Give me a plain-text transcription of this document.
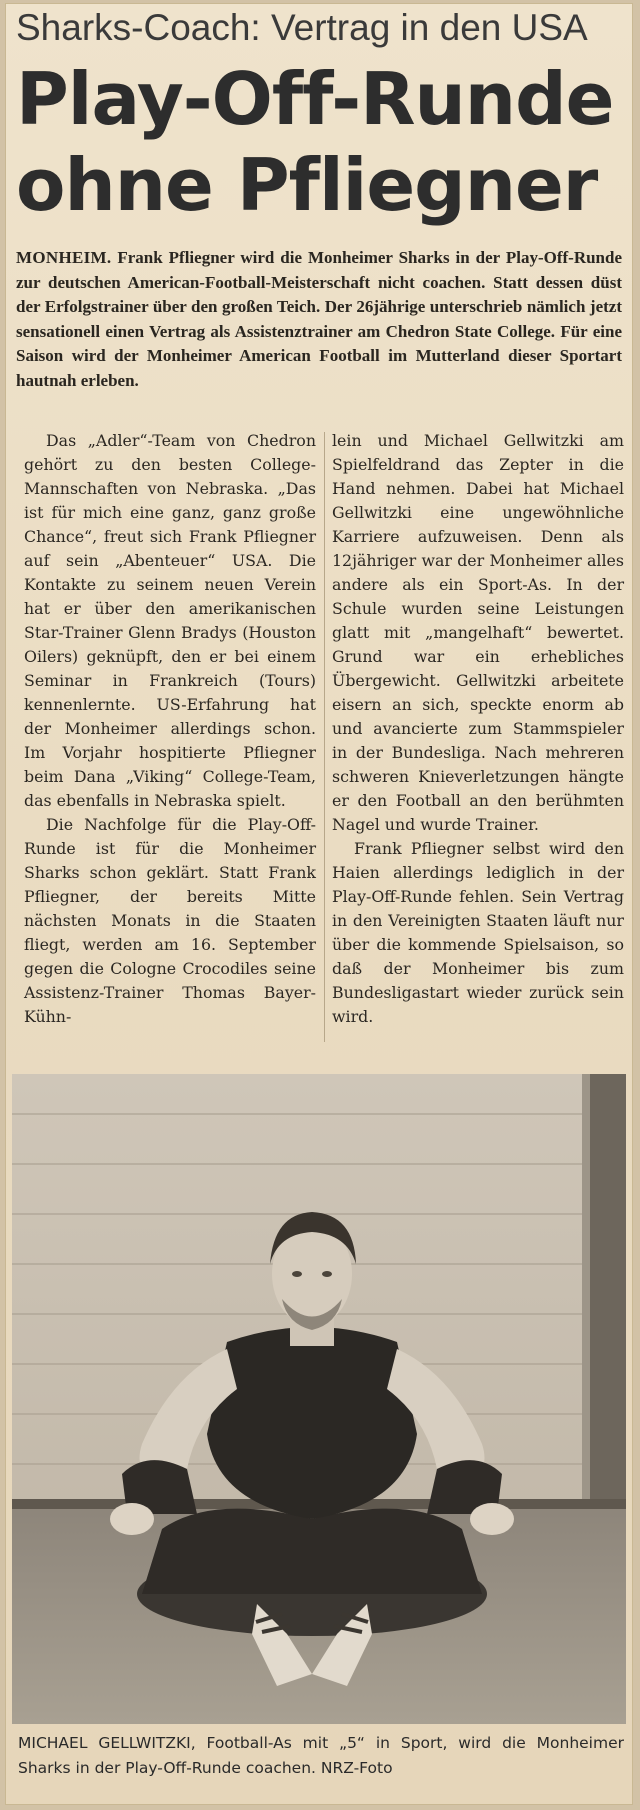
Sharks-Coach: Vertrag in den USA
Play-Off-Runde
ohne Pfliegner
MONHEIM. Frank Pfliegner wird die Monheimer Sharks in der Play-Off-Runde zur deutschen American-Football-Meisterschaft nicht coachen. Statt dessen düst der Erfolgstrainer über den großen Teich. Der 26jährige unterschrieb nämlich jetzt sensationell einen Vertrag als Assistenztrainer am Chedron State College. Für eine Saison wird der Monheimer American Football im Mutterland dieser Sportart hautnah erleben.

Das „Adler“-Team von Chedron gehört zu den besten College-Mannschaften von Nebraska. „Das ist für mich eine ganz, ganz große Chance“, freut sich Frank Pfliegner auf sein „Abenteuer“ USA. Die Kontakte zu seinem neuen Verein hat er über den amerikanischen Star-Trainer Glenn Bradys (Houston Oilers) geknüpft, den er bei einem Seminar in Frankreich (Tours) kennenlernte. US-Erfahrung hat der Monheimer allerdings schon. Im Vorjahr hospitierte Pfliegner beim Dana „Viking“ College-Team, das ebenfalls in Nebraska spielt.

Die Nachfolge für die Play-Off-Runde ist für die Monheimer Sharks schon geklärt. Statt Frank Pfliegner, der bereits Mitte nächsten Monats in die Staaten fliegt, werden am 16. September gegen die Cologne Crocodiles seine Assistenz-Trainer Thomas Bayer-Kühn-

lein und Michael Gellwitzki am Spielfeldrand das Zepter in die Hand nehmen. Dabei hat Michael Gellwitzki eine ungewöhnliche Karriere aufzuweisen. Denn als 12jähriger war der Monheimer alles andere als ein Sport-As. In der Schule wurden seine Leistungen glatt mit „mangelhaft“ bewertet. Grund war ein erhebliches Übergewicht. Gellwitzki arbeitete eisern an sich, speckte enorm ab und avancierte zum Stammspieler in der Bundesliga. Nach mehreren schweren Knieverletzungen hängte er den Football an den berühmten Nagel und wurde Trainer.

Frank Pfliegner selbst wird den Haien allerdings lediglich in der Play-Off-Runde fehlen. Sein Vertrag in den Vereinigten Staaten läuft nur über die kommende Spielsaison, so daß der Monheimer bis zum Bundesligastart wieder zurück sein wird.

MICHAEL GELLWITZKI, Football-As mit „5“ in Sport, wird die Monheimer Sharks in der Play-Off-Runde coachen. NRZ-Foto
